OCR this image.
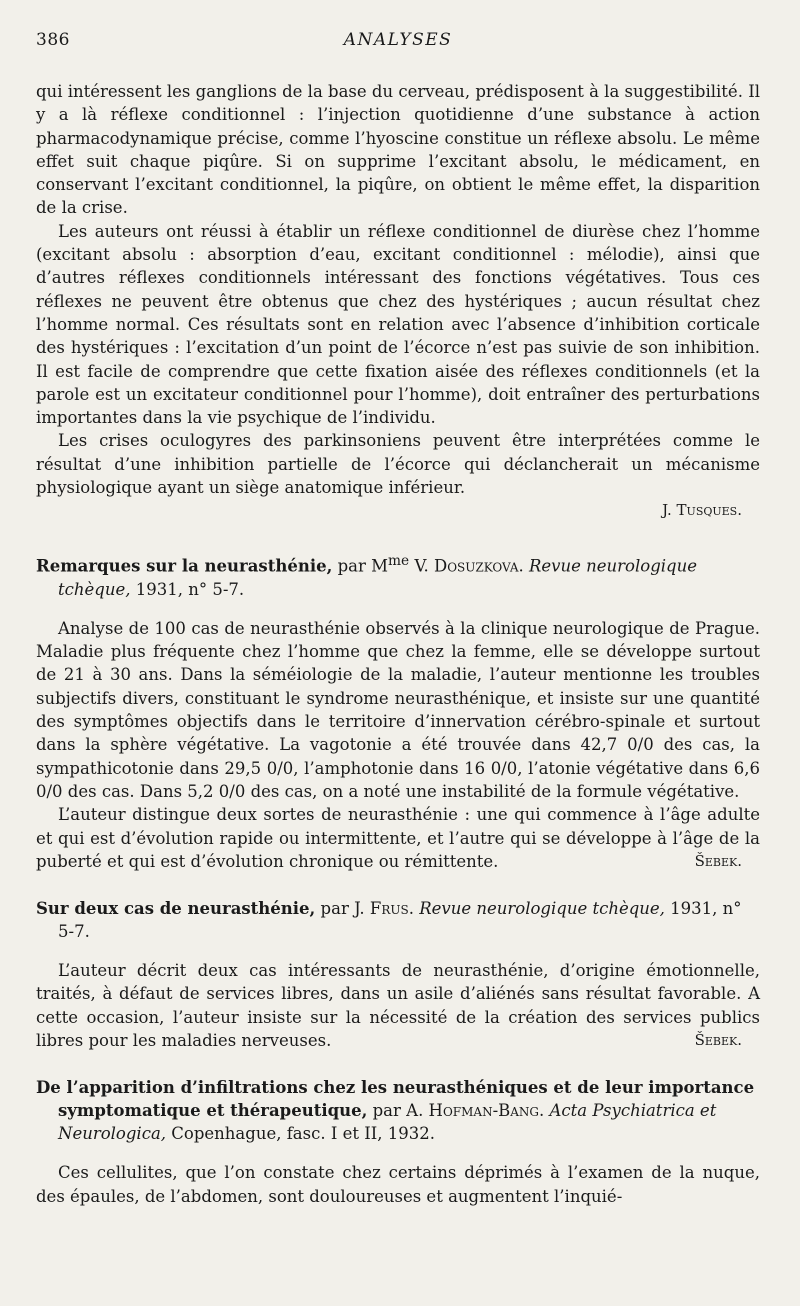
386	ANALYSES

qui intéressent les ganglions de la base du cerveau, prédisposent à la suggestibilité. Il y a là réflexe conditionnel : l’injection quotidienne d’une substance à action pharmacodynamique précise, comme l’hyoscine constitue un réflexe absolu. Le même effet suit chaque piqûre. Si on supprime l’excitant absolu, le médicament, en conservant l’excitant conditionnel, la piqûre, on obtient le même effet, la disparition de la crise.

Les auteurs ont réussi à établir un réflexe conditionnel de diurèse chez l’homme (excitant absolu : absorption d’eau, excitant conditionnel : mélodie), ainsi que d’autres réflexes conditionnels intéressant des fonctions végétatives. Tous ces réflexes ne peuvent être obtenus que chez des hystériques ; aucun résultat chez l’homme normal. Ces résultats sont en relation avec l’absence d’inhibition corticale des hystériques : l’excitation d’un point de l’écorce n’est pas suivie de son inhibition. Il est facile de comprendre que cette fixation aisée des réflexes conditionnels (et la parole est un excitateur conditionnel pour l’homme), doit entraîner des perturbations importantes dans la vie psychique de l’individu.

Les crises oculogyres des parkinsoniens peuvent être interprétées comme le résultat d’une inhibition partielle de l’écorce qui déclancherait un mécanisme physiologique ayant un siège anatomique inférieur.

J. Tusques.
Remarques sur la neurasthénie, par $M^{me}$ V. Dosuzkova. Revue neurologique tchèque, 1931, n° 5-7.

Analyse de 100 cas de neurasthénie observés à la clinique neurologique de Prague. Maladie plus fréquente chez l’homme que chez la femme, elle se développe surtout de 21 à 30 ans. Dans la séméiologie de la maladie, l’auteur mentionne les troubles subjectifs divers, constituant le syndrome neurasthénique, et insiste sur une quantité des symptômes objectifs dans le territoire d’innervation cérébro-spinale et surtout dans la sphère végétative. La vagotonie a été trouvée dans 42,7 0/0 des cas, la sympathicotonie dans 29,5 0/0, l’amphotonie dans 16 0/0, l’atonie végétative dans 6,6 0/0 des cas. Dans 5,2 0/0 des cas, on a noté une instabilité de la formule végétative.

L’auteur distingue deux sortes de neurasthénie : une qui commence à l’âge adulte et qui est d’évolution rapide ou intermittente, et l’autre qui se développe à l’âge de la puberté et qui est d’évolution chronique ou rémittente.	Šebek.

Sur deux cas de neurasthénie, par J. Frus. Revue neurologique tchèque, 1931, n° 5-7.

L’auteur décrit deux cas intéressants de neurasthénie, d’origine émotionnelle, traités, à défaut de services libres, dans un asile d’aliénés sans résultat favorable. A cette occasion, l’auteur insiste sur la nécessité de la création des services publics libres pour les maladies nerveuses.	Šebek.

De l’apparition d’infiltrations chez les neurasthéniques et de leur importance symptomatique et thérapeutique, par A. Hofman-Bang. Acta Psychiatrica et Neurologica, Copenhague, fasc. I et II, 1932.

Ces cellulites, que l’on constate chez certains déprimés à l’examen de la nuque, des épaules, de l’abdomen, sont douloureuses et augmentent l’inquié-
